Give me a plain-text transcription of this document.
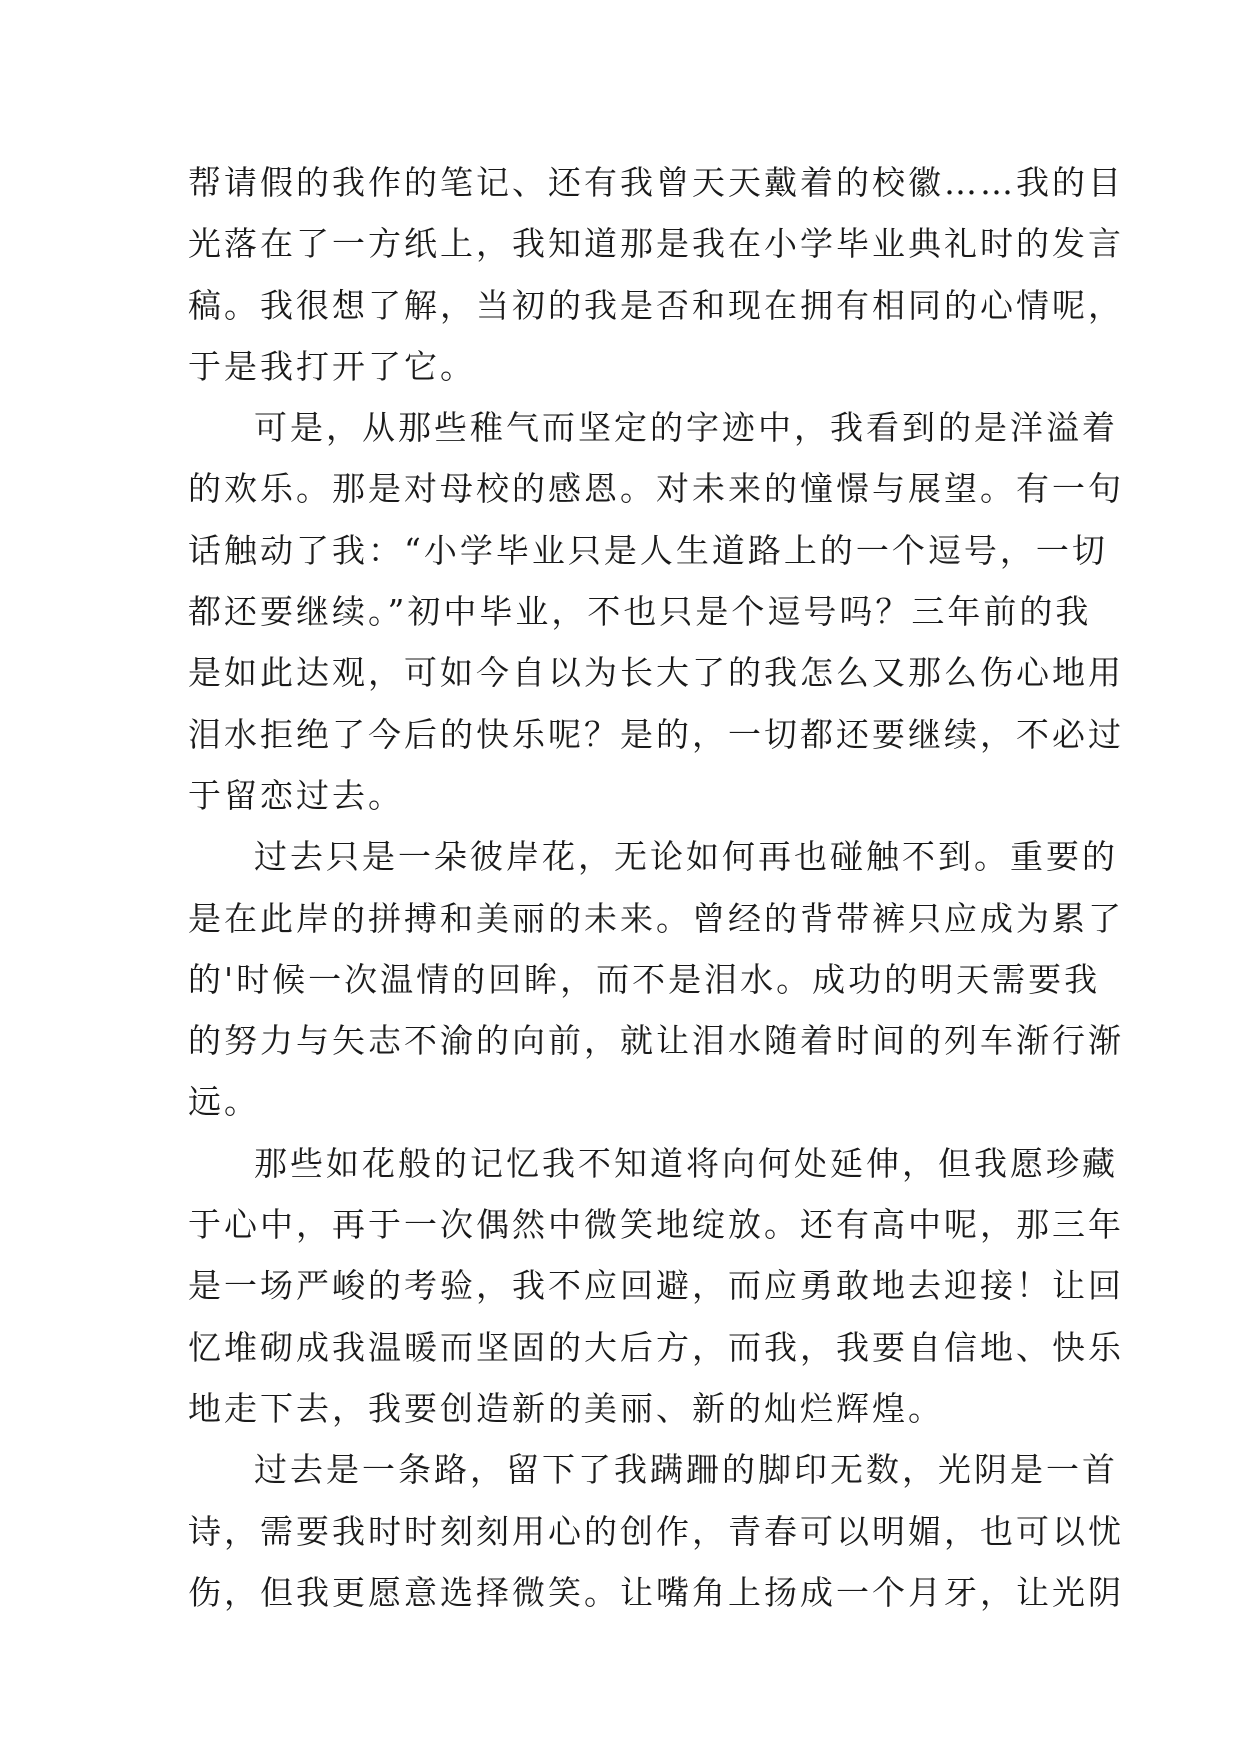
帮请假的我作的笔记、还有我曾天天戴着的校徽……我的目
光落在了一方纸上，我知道那是我在小学毕业典礼时的发言
稿。我很想了解，当初的我是否和现在拥有相同的心情呢，
于是我打开了它。
可是，从那些稚气而坚定的字迹中，我看到的是洋溢着
的欢乐。那是对母校的感恩。对未来的憧憬与展望。有一句
话触动了我：“小学毕业只是人生道路上的一个逗号，一切
都还要继续。”初中毕业，不也只是个逗号吗？三年前的我
是如此达观，可如今自以为长大了的我怎么又那么伤心地用
泪水拒绝了今后的快乐呢？是的，一切都还要继续，不必过
于留恋过去。
过去只是一朵彼岸花，无论如何再也碰触不到。重要的
是在此岸的拼搏和美丽的未来。曾经的背带裤只应成为累了
的'时候一次温情的回眸，而不是泪水。成功的明天需要我
的努力与矢志不渝的向前，就让泪水随着时间的列车渐行渐
远。
那些如花般的记忆我不知道将向何处延伸，但我愿珍藏
于心中，再于一次偶然中微笑地绽放。还有高中呢，那三年
是一场严峻的考验，我不应回避，而应勇敢地去迎接！让回
忆堆砌成我温暖而坚固的大后方，而我，我要自信地、快乐
地走下去，我要创造新的美丽、新的灿烂辉煌。
过去是一条路，留下了我蹒跚的脚印无数，光阴是一首
诗，需要我时时刻刻用心的创作，青春可以明媚，也可以忧
伤，但我更愿意选择微笑。让嘴角上扬成一个月牙，让光阴
